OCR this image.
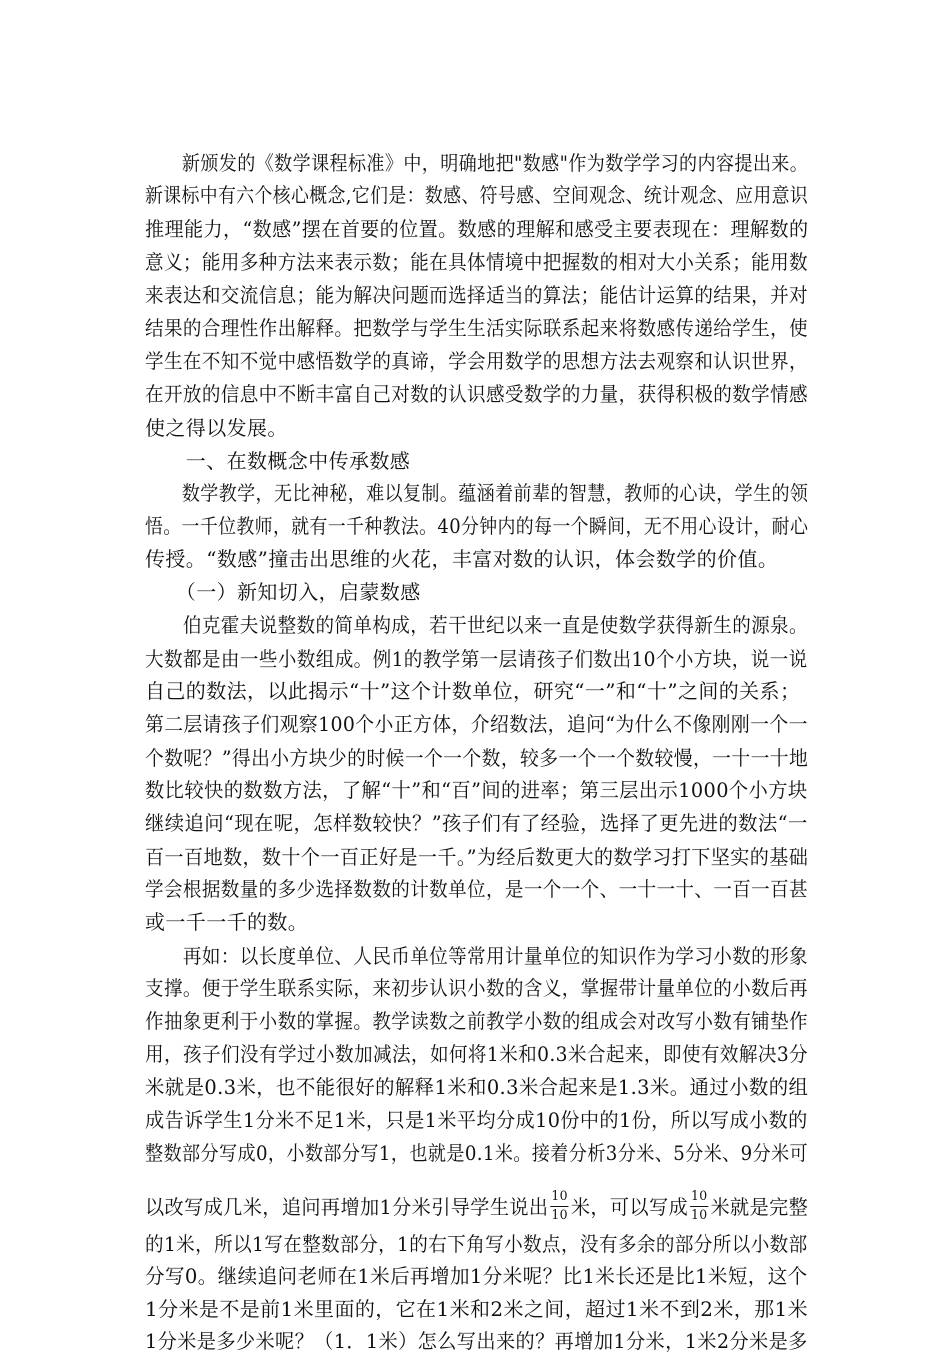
　　新颁发的《数学课程标准》中，明确地把"数感"作为数学学习的内容提出来。
新课标中有六个核心概念,它们是：数感、符号感、空间观念、统计观念、应用意识
推理能力，“数感”摆在首要的位置。数感的理解和感受主要表现在：理解数的
意义；能用多种方法来表示数；能在具体情境中把握数的相对大小关系；能用数
来表达和交流信息；能为解决问题而选择适当的算法；能估计运算的结果，并对
结果的合理性作出解释。把数学与学生生活实际联系起来将数感传递给学生，使
学生在不知不觉中感悟数学的真谛，学会用数学的思想方法去观察和认识世界，
在开放的信息中不断丰富自己对数的认识感受数学的力量，获得积极的数学情感
使之得以发展。
　　一、在数概念中传承数感
　　数学教学，无比神秘，难以复制。蕴涵着前辈的智慧，教师的心诀，学生的领
悟。一千位教师，就有一千种教法。40分钟内的每一个瞬间，无不用心设计，耐心
传授。“数感”撞击出思维的火花，丰富对数的认识，体会数学的价值。
　　（一）新知切入，启蒙数感
　　伯克霍夫说整数的简单构成，若干世纪以来一直是使数学获得新生的源泉。
大数都是由一些小数组成。例1的教学第一层请孩子们数出10个小方块，说一说
自己的数法，以此揭示“十”这个计数单位，研究“一”和“十”之间的关系；
第二层请孩子们观察100个小正方体，介绍数法，追问“为什么不像刚刚一个一
个数呢？”得出小方块少的时候一个一个数，较多一个一个数较慢，一十一十地
数比较快的数数方法，了解“十”和“百”间的进率；第三层出示1000个小方块
继续追问“现在呢，怎样数较快？”孩子们有了经验，选择了更先进的数法“一
百一百地数，数十个一百正好是一千。”为经后数更大的数学习打下坚实的基础
学会根据数量的多少选择数数的计数单位，是一个一个、一十一十、一百一百甚
或一千一千的数。
　　再如：以长度单位、人民币单位等常用计量单位的知识作为学习小数的形象
支撑。便于学生联系实际，来初步认识小数的含义，掌握带计量单位的小数后再
作抽象更利于小数的掌握。教学读数之前教学小数的组成会对改写小数有铺垫作
用，孩子们没有学过小数加减法，如何将1米和0.3米合起来，即使有效解决3分
米就是0.3米，也不能很好的解释1米和0.3米合起来是1.3米。通过小数的组
成告诉学生1分米不足1米，只是1米平均分成10份中的1份，所以写成小数的
整数部分写成0，小数部分写1，也就是0.1米。接着分析3分米、5分米、9分米可
以改写成几米，追问再增加1分米引导学生说出 $\frac{10}{10}$ 米，可以写成 $\frac{10}{10}$ 米就是完整
的1米，所以1写在整数部分，1的右下角写小数点，没有多余的部分所以小数部
分写0。继续追问老师在1米后再增加1分米呢？比1米长还是比1米短，这个
1分米是不是前1米里面的，它在1米和2米之间，超过1米不到2米，那1米
1分米是多少米呢？（1．1米）怎么写出来的？再增加1分米，1米2分米是多
